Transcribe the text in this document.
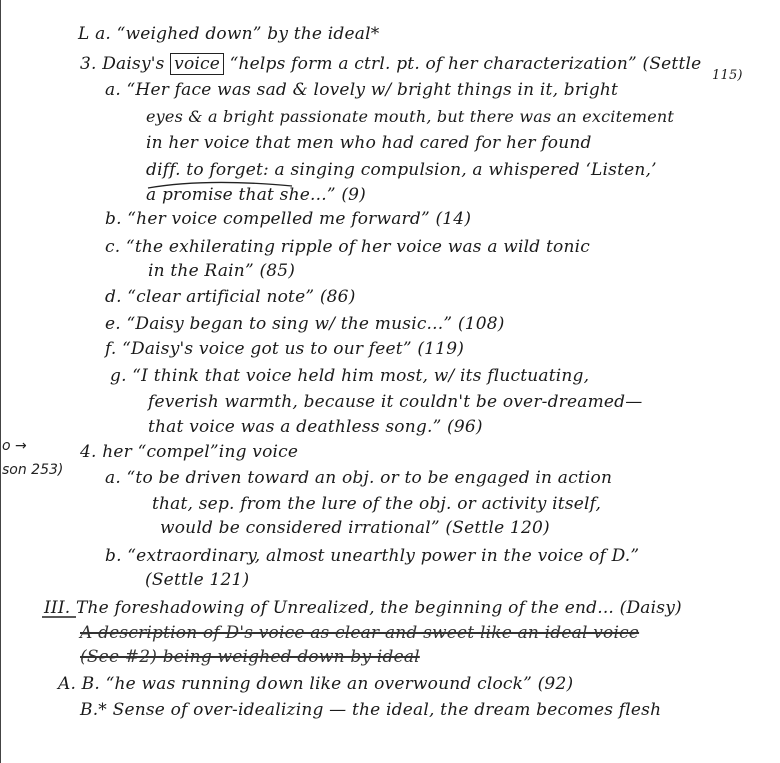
o →
son 253)
L a. “weighed down” by the ideal*
3. Daisy's voice “helps form a ctrl. pt. of her characterization” (Settle
115)
a. “Her face was sad & lovely w/ bright things in it, bright
eyes & a bright passionate mouth, but there was an excitement
in her voice that men who had cared for her found
diff. to forget: a singing compulsion, a whispered ‘Listen,’
a promise that she...” (9)
b. “her voice compelled me forward” (14)
c. “the exhilerating ripple of her voice was a wild tonic
in the Rain” (85)
d. “clear artificial note” (86)
e. “Daisy began to sing w/ the music...” (108)
f. “Daisy's voice got us to our feet” (119)
g. “I think that voice held him most, w/ its fluctuating,
feverish warmth, because it couldn't be over-dreamed—
that voice was a deathless song.” (96)
4. her “compel”ing voice
a. “to be driven toward an obj. or to be engaged in action
that, sep. from the lure of the obj. or activity itself,
would be considered irrational” (Settle 120)
b. “extraordinary, almost unearthly power in the voice of D.”
(Settle 121)
III. The foreshadowing of Unrealized, the beginning of the end... (Daisy)
A description of D's voice as clear and sweet like an ideal voice
(See #2) being weighed down by ideal
A. B. “he was running down like an overwound clock” (92)
B.* Sense of over-idealizing — the ideal, the dream becomes flesh
